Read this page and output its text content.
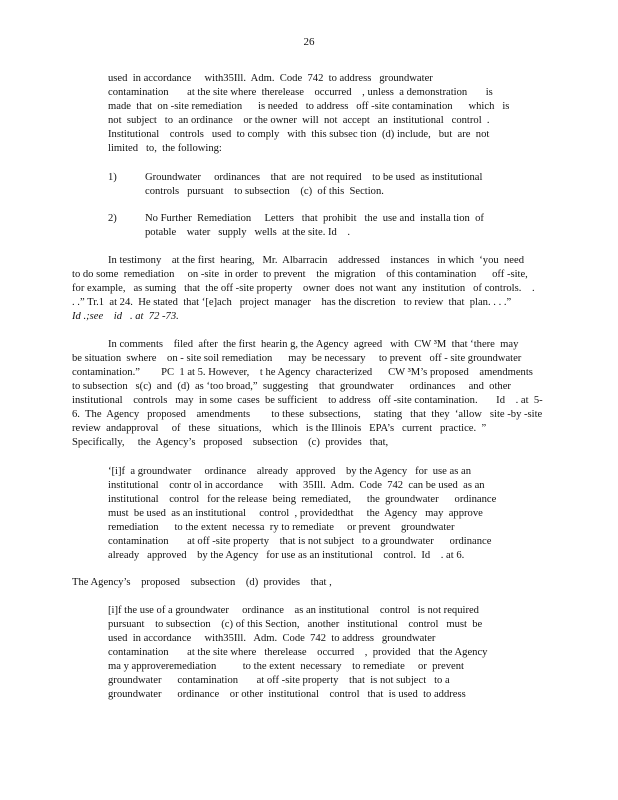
26
used  in accordance     with35Ill.  Adm.  Code  742  to address   groundwater
contamination       at the site where  therelease    occurred    , unless  a demonstration       is
made  that  on -site remediation      is needed   to address   off -site contamination      which   is
not  subject   to  an ordinance    or the owner  will  not  accept   an  institutional   control  .
Institutional    controls   used  to comply   with  this subsec tion  (d) include,   but  are  not
limited   to,  the following:
1)	Groundwater     ordinances    that  are  not required    to be used  as institutional
controls   pursuant    to subsection    (c)  of this  Section.
2)	No Further  Remediation     Letters   that  prohibit   the  use and  installa tion  of
potable    water   supply   wells  at the site. Id    .
In testimony    at the first  hearing,   Mr.  Albarracin    addressed    instances   in which  ‘you  need
to do some  remediation     on -site  in order  to prevent    the  migration    of this contamination      off -site,
for example,   as suming   that  the off -site property    owner  does  not want  any  institution   of controls.    .
. .” Tr.1  at 24.  He stated  that ‘[e]ach   project  manager    has the discretion   to review  that  plan. . . .”
Id .;see    id   . at  72 -73.
In comments    filed  after  the first  hearin g, the Agency  agreed   with  CW ³M  that ‘there  may
be situation  swhere    on - site soil remediation      may  be necessary     to prevent   off - site groundwater
contamination.”        PC  1 at 5. However,    t he Agency  characterized      CW ³M’s proposed    amendments
to subsection   s(c)  and  (d)  as ‘too broad,”  suggesting    that  groundwater      ordinances     and  other
institutional    controls   may  in some  cases  be sufficient    to address   off -site contamination.       Id    . at  5-
6.  The  Agency   proposed    amendments        to these  subsections,     stating   that  they  ‘allow   site -by -site
review  andapproval     of   these   situations,    which   is the Illinois   EPA’s   current   practice.  ”
Specifically,     the  Agency’s   proposed    subsection    (c)  provides   that,
‘[i]f  a groundwater     ordinance    already   approved    by the Agency   for  use as an
institutional    contr ol in accordance      with  35Ill.  Adm.  Code  742  can be used  as an
institutional    control   for the release  being  remediated,      the  groundwater      ordinance
must  be used  as an institutional     control  , providedthat     the  Agency   may  approve
remediation      to the extent  necessa  ry to remediate     or prevent    groundwater
contamination       at off -site property    that is not subject   to a groundwater      ordinance
already   approved    by the Agency   for use as an institutional    control.  Id    . at 6.
The Agency’s    proposed    subsection    (d)  provides    that ,
[i]f the use of a groundwater     ordinance    as an institutional    control   is not required
pursuant    to subsection    (c) of this Section,   another   institutional    control   must  be
used  in accordance     with35Ill.   Adm.  Code  742  to address   groundwater
contamination       at the site where   therelease    occurred    ,  provided   that  the Agency
ma y approveremediation          to the extent  necessary    to remediate     or  prevent
groundwater      contamination       at off -site property    that  is not subject   to a
groundwater      ordinance    or other  institutional    control   that  is used  to address
